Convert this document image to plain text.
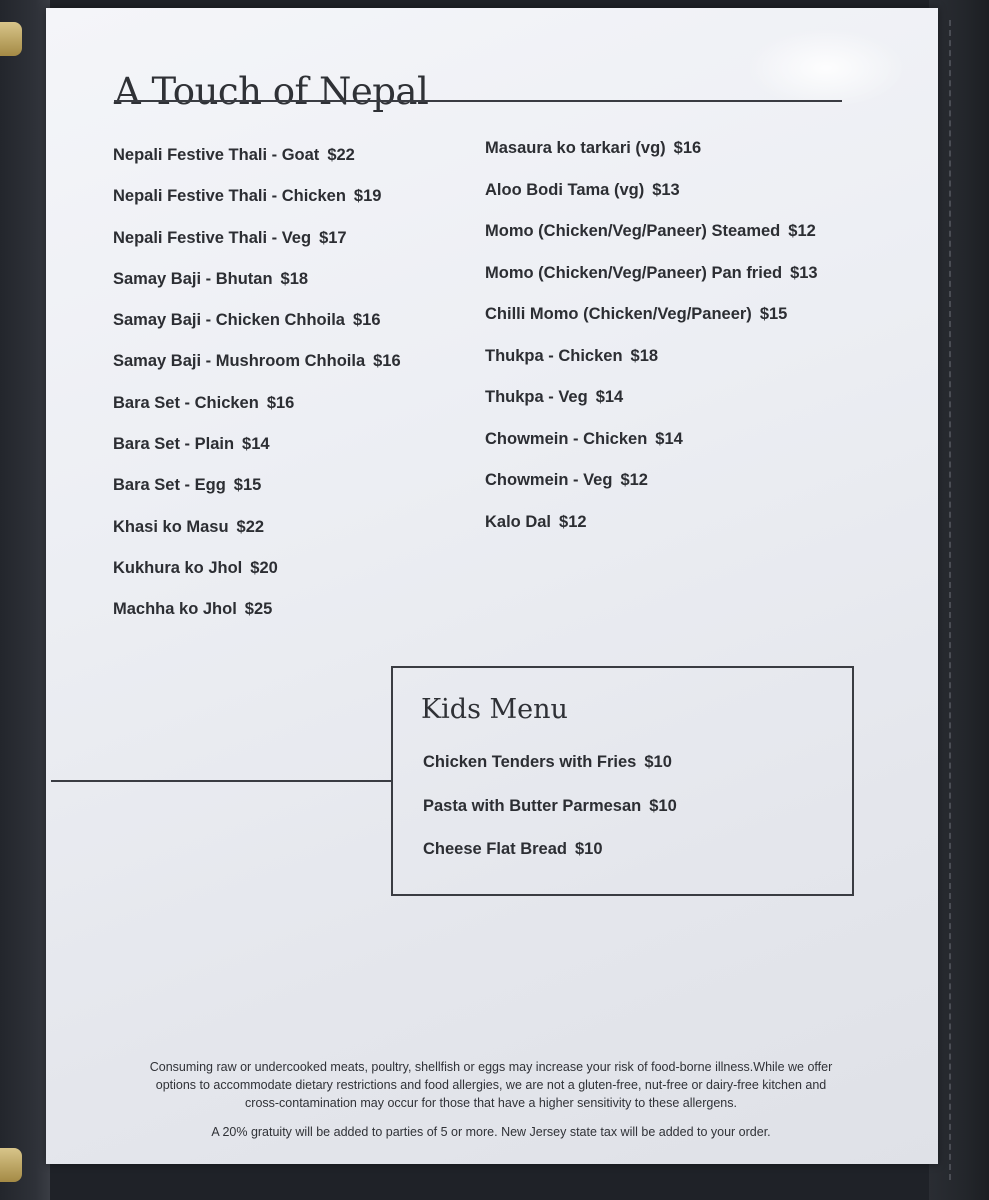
A Touch of Nepal
Nepali Festive Thali - Goat $22
Nepali Festive Thali - Chicken $19
Nepali Festive Thali - Veg $17
Samay Baji - Bhutan $18
Samay Baji - Chicken Chhoila $16
Samay Baji - Mushroom Chhoila $16
Bara Set - Chicken $16
Bara Set - Plain $14
Bara Set - Egg $15
Khasi ko Masu $22
Kukhura ko Jhol $20
Machha ko Jhol $25
Masaura ko tarkari (vg) $16
Aloo Bodi Tama (vg) $13
Momo (Chicken/Veg/Paneer) Steamed $12
Momo (Chicken/Veg/Paneer) Pan fried $13
Chilli Momo (Chicken/Veg/Paneer) $15
Thukpa - Chicken $18
Thukpa - Veg $14
Chowmein - Chicken $14
Chowmein - Veg $12
Kalo Dal $12
Kids Menu
Chicken Tenders with Fries $10
Pasta with Butter Parmesan $10
Cheese Flat Bread $10
Consuming raw or undercooked meats, poultry, shellfish or eggs may increase your risk of food-borne illness.While we offer
options to accommodate dietary restrictions and food allergies, we are not a gluten-free, nut-free or dairy-free kitchen and
cross-contamination may occur for those that have a higher sensitivity to these allergens.
A 20% gratuity will be added to parties of 5 or more. New Jersey state tax will be added to your order.
